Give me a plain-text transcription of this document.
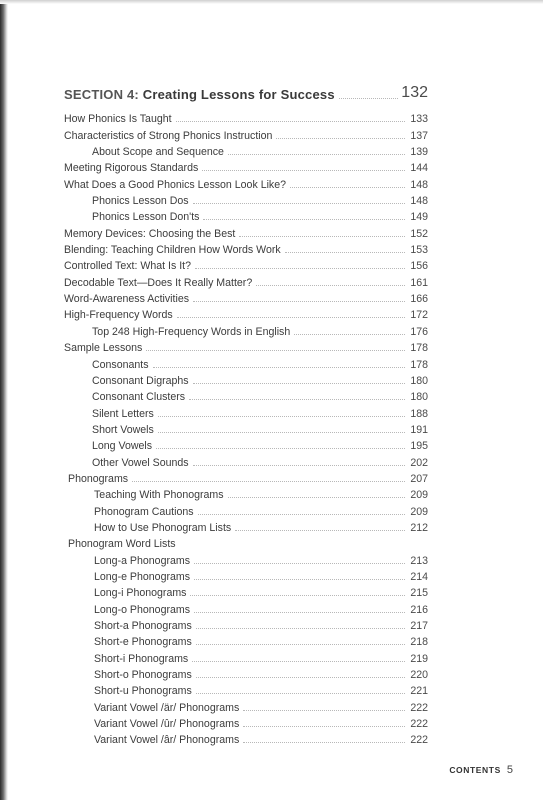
SECTION 4: Creating Lessons for Success	132
How Phonics Is Taught	133
Characteristics of Strong Phonics Instruction	137
About Scope and Sequence	139
Meeting Rigorous Standards	144
What Does a Good Phonics Lesson Look Like?	148
Phonics Lesson Dos	148
Phonics Lesson Don'ts	149
Memory Devices: Choosing the Best	152
Blending: Teaching Children How Words Work	153
Controlled Text: What Is It?	156
Decodable Text—Does It Really Matter?	161
Word-Awareness Activities	166
High-Frequency Words	172
Top 248 High-Frequency Words in English	176
Sample Lessons	178
Consonants	178
Consonant Digraphs	180
Consonant Clusters	180
Silent Letters	188
Short Vowels	191
Long Vowels	195
Other Vowel Sounds	202
Phonograms	207
Teaching With Phonograms	209
Phonogram Cautions	209
How to Use Phonogram Lists	212
Phonogram Word Lists
Long-a Phonograms	213
Long-e Phonograms	214
Long-i Phonograms	215
Long-o Phonograms	216
Short-a Phonograms	217
Short-e Phonograms	218
Short-i Phonograms	219
Short-o Phonograms	220
Short-u Phonograms	221
Variant Vowel /är/ Phonograms	222
Variant Vowel /ûr/ Phonograms	222
Variant Vowel /âr/ Phonograms	222
CONTENTS 5
